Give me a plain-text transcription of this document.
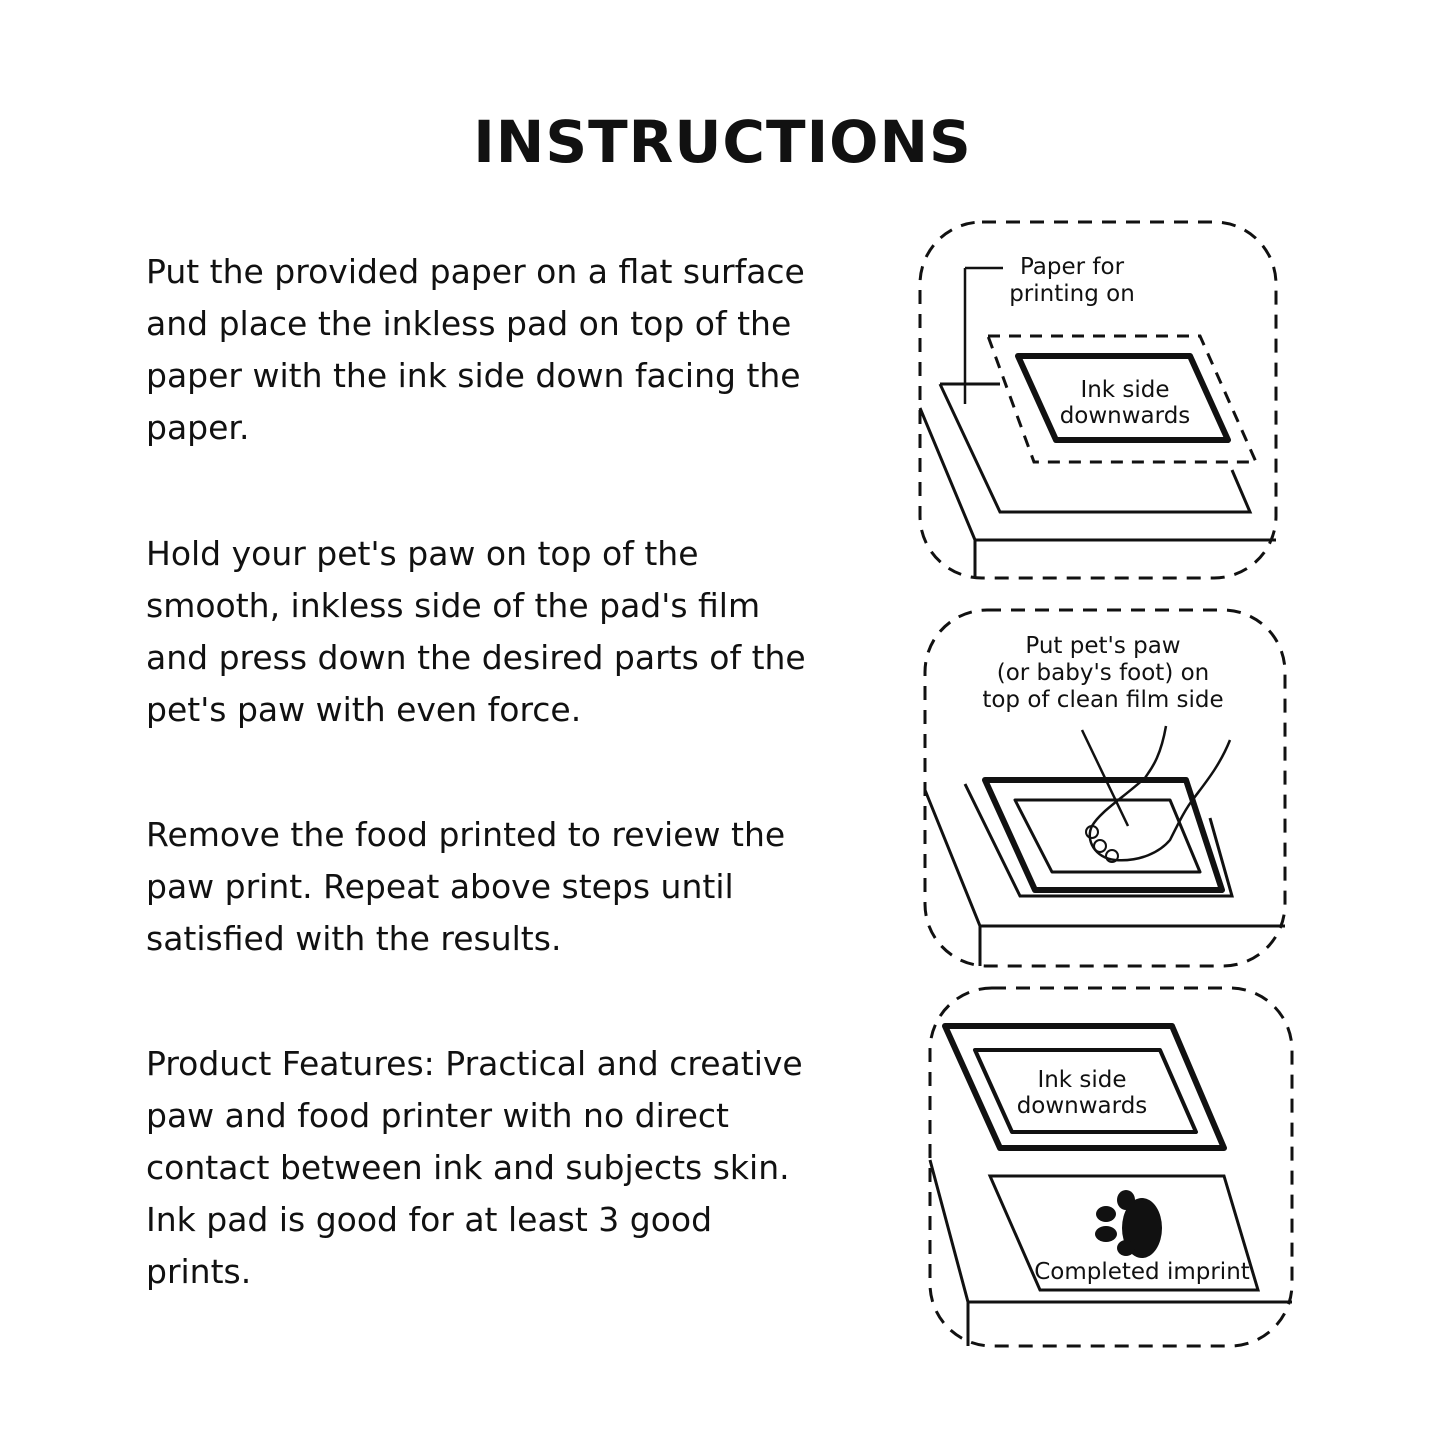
INSTRUCTIONS
Put the provided paper on a flat surface and place the inkless pad on top of the paper with the ink side down facing the paper.
Hold your pet's paw on top of the smooth, inkless side of the pad's film and press down the desired parts of the pet's paw with even force.
Remove the food printed to review the paw print. Repeat above steps until satisfied with the results.
Product Features: Practical and creative paw and food printer with no direct contact between ink and subjects skin. Ink pad is good for at least 3 good prints.
Paper for
printing on
Ink side
downwards
Put pet's paw
(or baby's foot) on
top of clean film side
Ink side
downwards
Completed imprint
